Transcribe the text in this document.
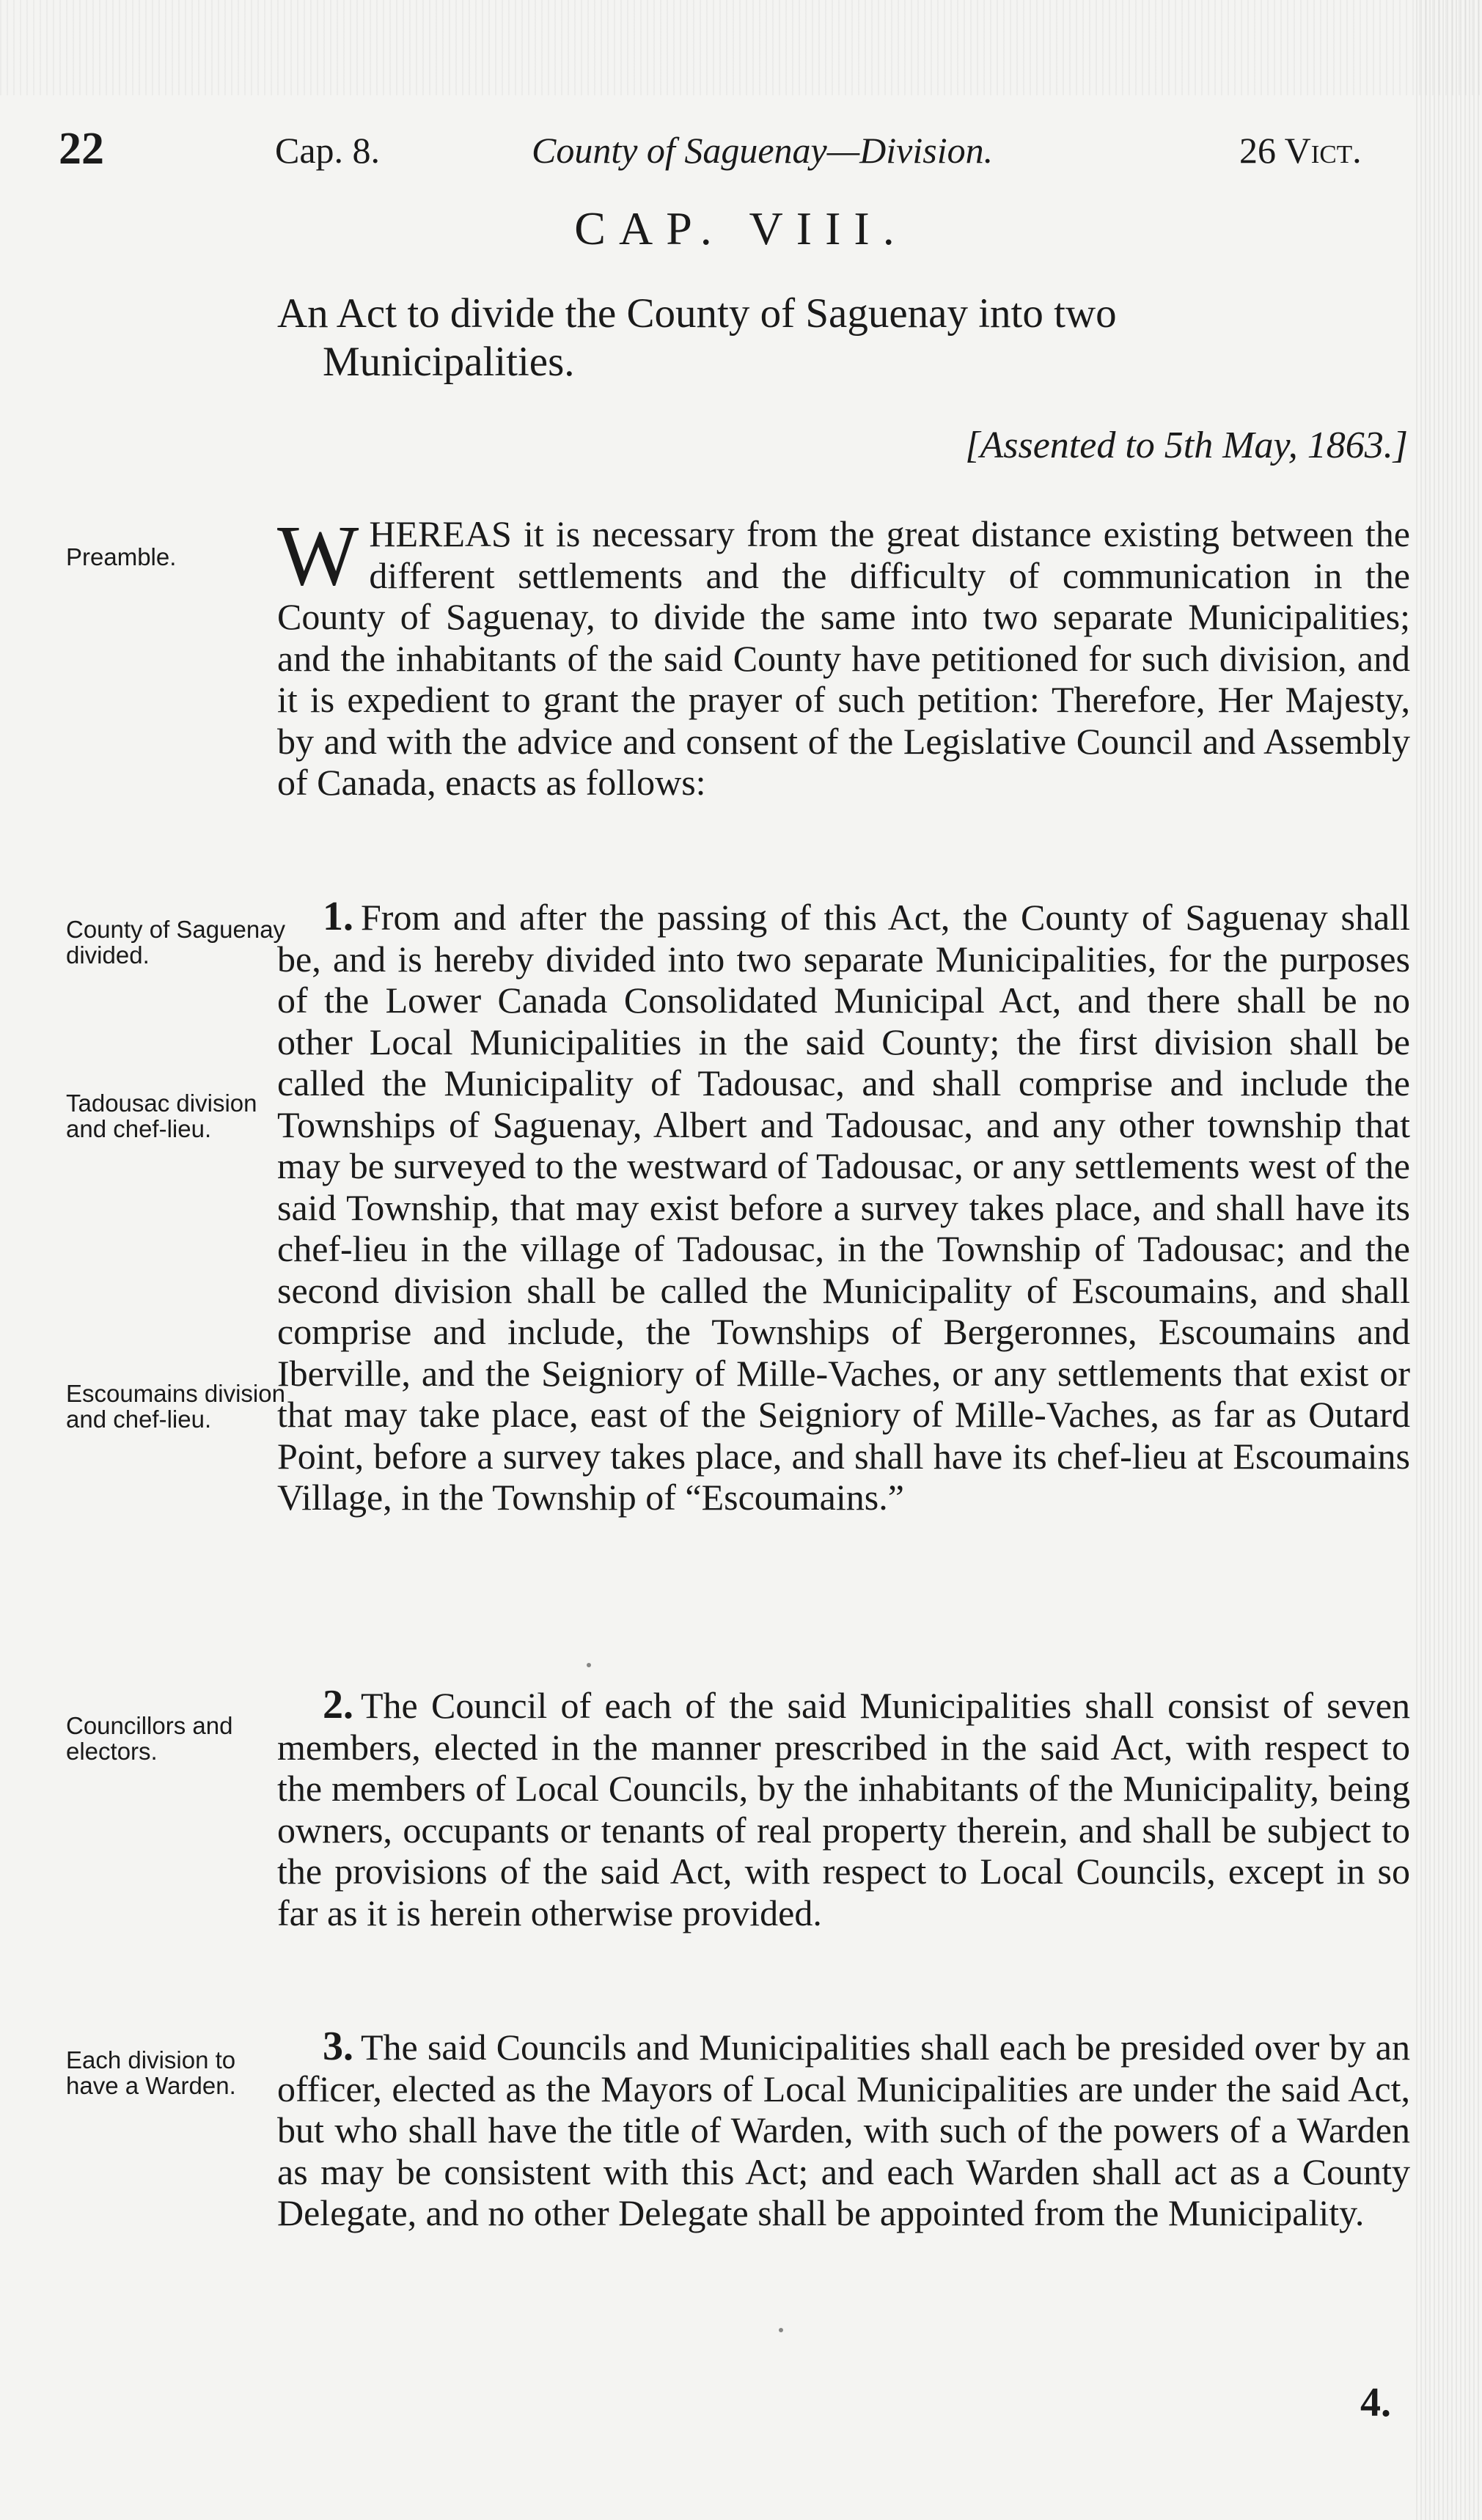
22	Cap. 8.	County of Saguenay—Division.	26 Vict.
CAP. VIII.
An Act to divide the County of Saguenay into two
Municipalities.
[Assented to 5th May, 1863.]
Preamble.
County of Saguenay divided.
Tadousac division and chef-lieu.
Escoumains division and chef-lieu.
Councillors and electors.
Each division to have a Warden.

WHEREAS it is necessary from the great distance existing between the different settlements and the difficulty of communication in the County of Saguenay, to divide the same into two separate Municipalities; and the inhabitants of the said County have petitioned for such division, and it is expedient to grant the prayer of such petition: Therefore, Her Majesty, by and with the advice and consent of the Legislative Council and Assembly of Canada, enacts as follows:

1. From and after the passing of this Act, the County of Saguenay shall be, and is hereby divided into two separate Municipalities, for the purposes of the Lower Canada Consolidated Municipal Act, and there shall be no other Local Municipalities in the said County; the first division shall be called the Municipality of Tadousac, and shall comprise and include the Townships of Saguenay, Albert and Tadousac, and any other township that may be surveyed to the westward of Tadousac, or any settlements west of the said Township, that may exist before a survey takes place, and shall have its chef-lieu in the village of Tadousac, in the Township of Tadousac; and the second division shall be called the Municipality of Escoumains, and shall comprise and include, the Townships of Bergeronnes, Escoumains and Iberville, and the Seigniory of Mille-Vaches, or any settlements that exist or that may take place, east of the Seigniory of Mille-Vaches, as far as Outard Point, before a survey takes place, and shall have its chef-lieu at Escoumains Village, in the Township of “Escoumains.”

2. The Council of each of the said Municipalities shall consist of seven members, elected in the manner prescribed in the said Act, with respect to the members of Local Councils, by the inhabitants of the Municipality, being owners, occupants or tenants of real property therein, and shall be subject to the provisions of the said Act, with respect to Local Councils, except in so far as it is herein otherwise provided.

3. The said Councils and Municipalities shall each be presided over by an officer, elected as the Mayors of Local Municipalities are under the said Act, but who shall have the title of Warden, with such of the powers of a Warden as may be consistent with this Act; and each Warden shall act as a County Delegate, and no other Delegate shall be appointed from the Municipality.

4.
